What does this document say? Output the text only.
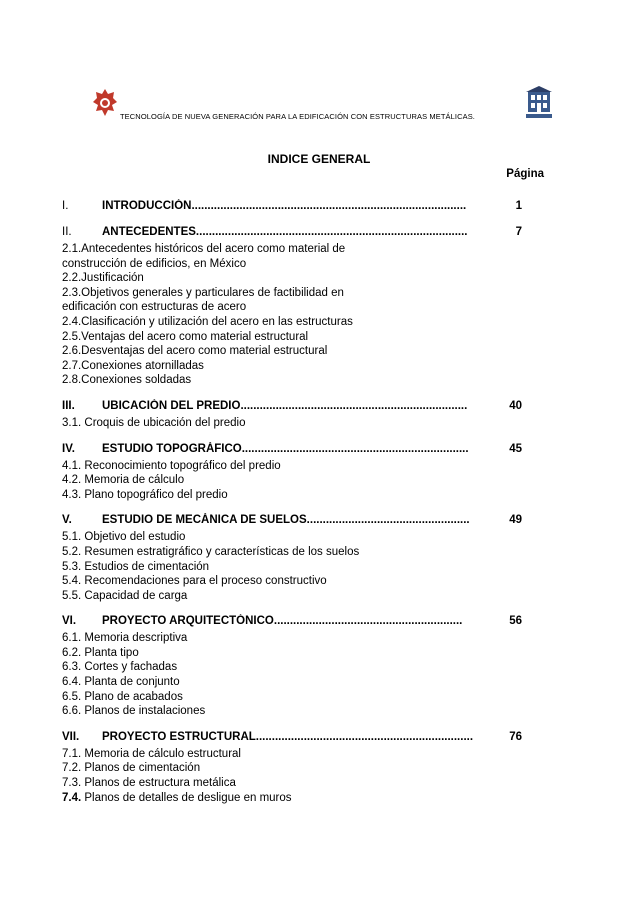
TECNOLOGÍA DE NUEVA GENERACIÓN PARA LA EDIFICACIÓN CON ESTRUCTURAS METÁLICAS.
INDICE GENERAL
Página
I.	INTRODUCCIÓN......................................................................................	1
II.	ANTECEDENTES.....................................................................................	7
2.1.Antecedentes históricos del acero como material de
construcción de edificios, en México
2.2.Justificación
2.3.Objetivos generales y particulares de factibilidad en
edificación con estructuras de acero
2.4.Clasificación y utilización del acero en las estructuras
2.5.Ventajas del acero como material estructural
2.6.Desventajas del acero como material estructural
2.7.Conexiones atornilladas
2.8.Conexiones soldadas
III.	UBICACIÓN DEL PREDIO.......................................................................	40
3.1. Croquis de ubicación del predio
IV.	ESTUDIO TOPOGRÁFICO.......................................................................	45
4.1. Reconocimiento topográfico del predio
4.2. Memoria de cálculo
4.3. Plano topográfico del predio
V.	ESTUDIO DE MECÁNICA DE SUELOS...................................................	49
5.1. Objetivo del estudio
5.2. Resumen estratigráfico y características de los suelos
5.3. Estudios de cimentación
5.4. Recomendaciones para el proceso constructivo
5.5. Capacidad de carga
VI.	PROYECTO ARQUITECTÓNICO...........................................................	56
6.1. Memoria descriptiva
6.2. Planta tipo
6.3. Cortes y fachadas
6.4. Planta de conjunto
6.5. Plano de acabados
6.6. Planos de instalaciones
VII.	PROYECTO ESTRUCTURAL....................................................................	76
7.1. Memoria de cálculo estructural
7.2. Planos de cimentación
7.3. Planos de estructura metálica
7.4. Planos de detalles de desligue en muros
